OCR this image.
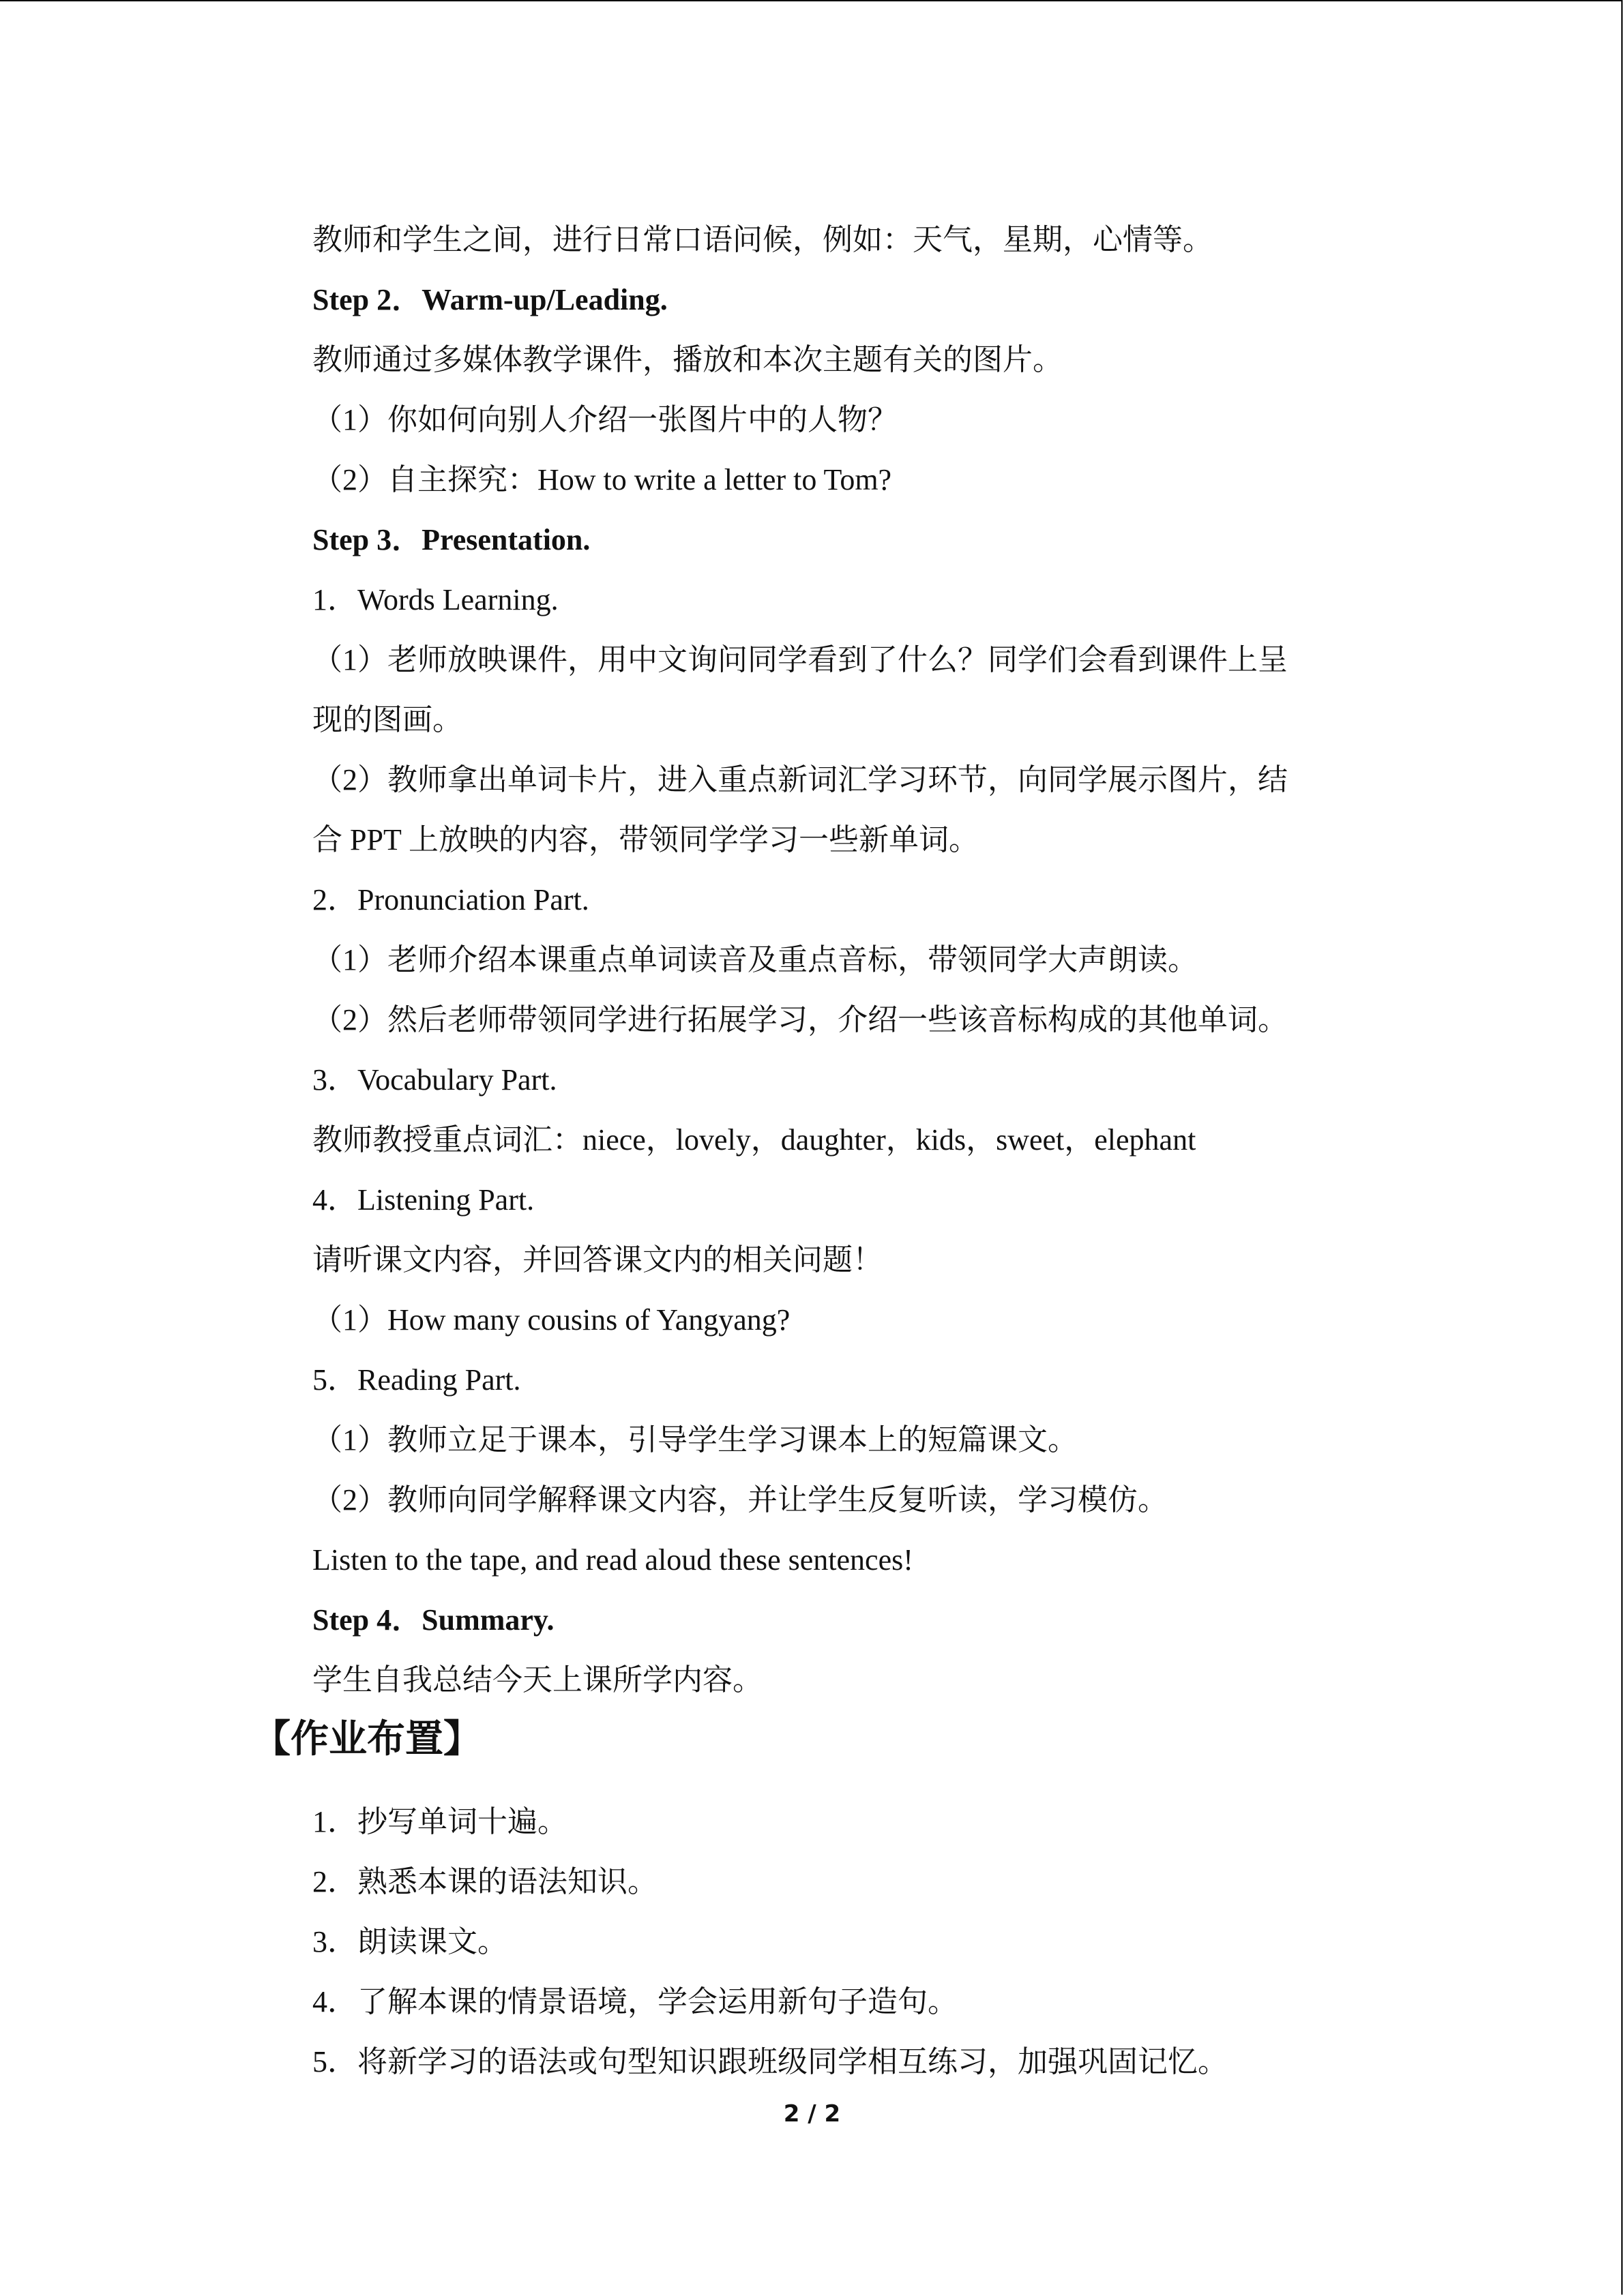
教师和学生之间，进行日常口语问候，例如：天气，星期，心情等。
Step 2．Warm-up/Leading.
教师通过多媒体教学课件，播放和本次主题有关的图片。
（1）你如何向别人介绍一张图片中的人物？
（2）自主探究：How to write a letter to Tom?
Step 3．Presentation.
1．Words Learning.
（1）老师放映课件，用中文询问同学看到了什么？同学们会看到课件上呈
现的图画。
（2）教师拿出单词卡片，进入重点新词汇学习环节，向同学展示图片，结
合 PPT 上放映的内容，带领同学学习一些新单词。
2．Pronunciation Part.
（1）老师介绍本课重点单词读音及重点音标，带领同学大声朗读。
（2）然后老师带领同学进行拓展学习，介绍一些该音标构成的其他单词。
3．Vocabulary Part.
教师教授重点词汇：niece，lovely，daughter，kids，sweet，elephant
4．Listening Part.
请听课文内容，并回答课文内的相关问题！
（1）How many cousins of Yangyang?
5．Reading Part.
（1）教师立足于课本，引导学生学习课本上的短篇课文。
（2）教师向同学解释课文内容，并让学生反复听读，学习模仿。
Listen to the tape, and read aloud these sentences!
Step 4．Summary.
学生自我总结今天上课所学内容。
【作业布置】
1．抄写单词十遍。
2．熟悉本课的语法知识。
3．朗读课文。
4．了解本课的情景语境，学会运用新句子造句。
5．将新学习的语法或句型知识跟班级同学相互练习，加强巩固记忆。
2 / 2
